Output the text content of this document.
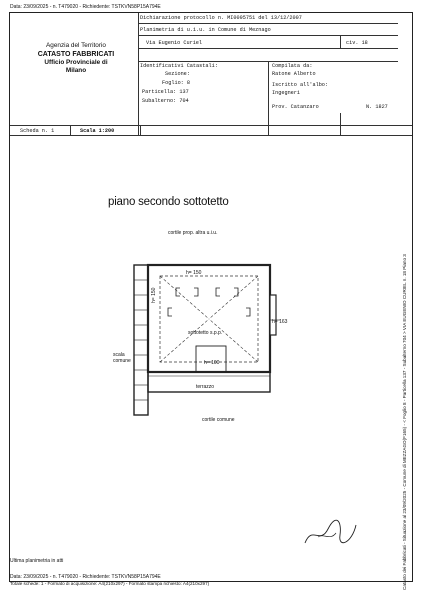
Data: 23/09/2025 - n. T479020 - Richiedente: TSTKVN58P15A794E
Agenzia del Territorio
CATASTO FABBRICATI
Ufficio Provinciale di
Milano
Dichiarazione protocollo n. MI0095751 del 13/12/2007
Planimetria di u.i.u. in Comune di Meznago
Via Eugenio Curiel	civ. 18
Identificativi Catastali:
Sezione:
Foglio: 8
Particella: 137
Subalterno: 704
Compilata da:
Ratone Alberto
Iscritto all'albo:
Ingegneri
Prov. Catanzaro	N. 1827
Scheda n. 1	Scala 1:200
piano secondo sottotetto
cortile prop. altra u.i.u.
h= 150
h= 163
h= 100
sottotetto s.p.p.
scala comune
terrazzo
cortile comune
h= 150
Ultima planimetria in atti
Data: 23/09/2025 - n. T479020 - Richiedente: TSTKVN58P15A794E
Totale schede: 1 - Formato di acquisizione: A4(210x297) - Formato stampa richiesto: A4(210x297)	Catasto dei Fabbricati - Situazione al 23/09/2025 - Comune di MEZZAGO(F165) - < Foglio 8 - Particella 137 - Subalterno 704 > VIA EUGENIO CURIEL n. 18 Piano 3
